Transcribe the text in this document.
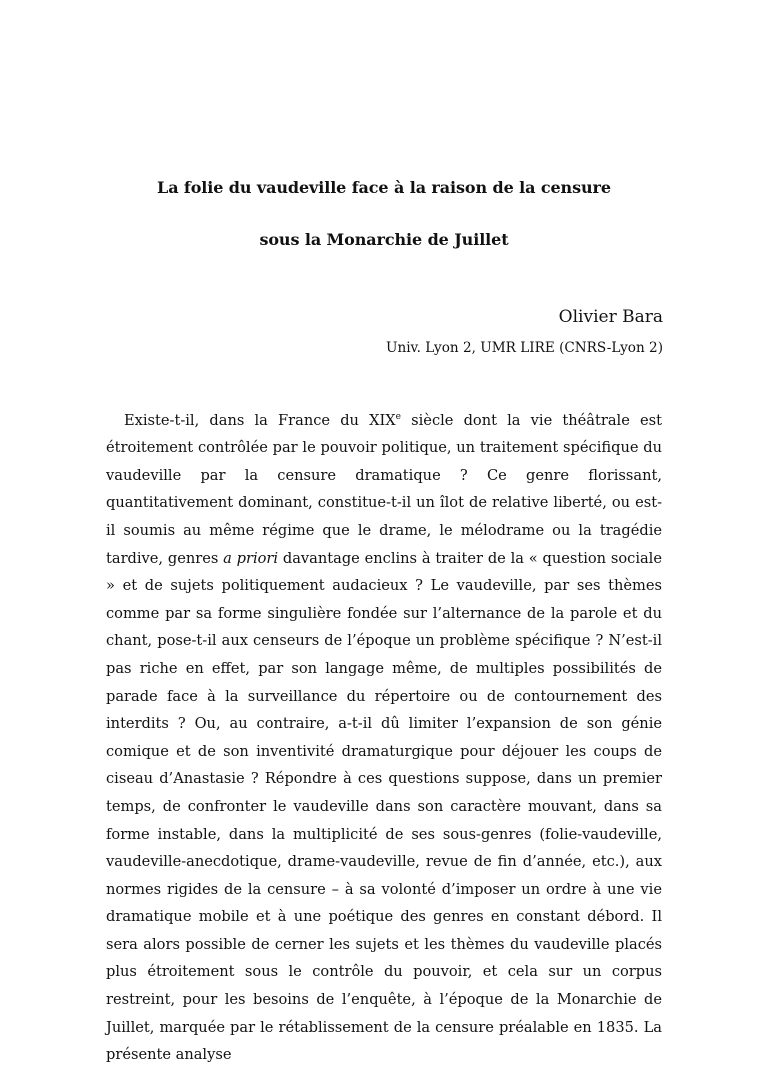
La folie du vaudeville face à la raison de la censure
sous la Monarchie de Juillet
Olivier Bara
Univ. Lyon 2, UMR LIRE (CNRS-Lyon 2)

Existe-t-il, dans la France du XIXe siècle dont la vie théâtrale est étroitement contrôlée par le pouvoir politique, un traitement spécifique du vaudeville par la censure dramatique ? Ce genre florissant, quantitativement dominant, constitue-t-il un îlot de relative liberté, ou est-il soumis au même régime que le drame, le mélodrame ou la tragédie tardive, genres a priori davantage enclins à traiter de la « question sociale » et de sujets politiquement audacieux ? Le vaudeville, par ses thèmes comme par sa forme singulière fondée sur l’alternance de la parole et du chant, pose-t-il aux censeurs de l’époque un problème spécifique ? N’est-il pas riche en effet, par son langage même, de multiples possibilités de parade face à la surveillance du répertoire ou de contournement des interdits ? Ou, au contraire, a-t-il dû limiter l’expansion de son génie comique et de son inventivité dramaturgique pour déjouer les coups de ciseau d’Anastasie ? Répondre à ces questions suppose, dans un premier temps, de confronter le vaudeville dans son caractère mouvant, dans sa forme instable, dans la multiplicité de ses sous-genres (folie-vaudeville, vaudeville-anecdotique, drame-vaudeville, revue de fin d’année, etc.), aux normes rigides de la censure – à sa volonté d’imposer un ordre à une vie dramatique mobile et à une poétique des genres en constant débord. Il sera alors possible de cerner les sujets et les thèmes du vaudeville placés plus étroitement sous le contrôle du pouvoir, et cela sur un corpus restreint, pour les besoins de l’enquête, à l’époque de la Monarchie de Juillet, marquée par le rétablissement de la censure préalable en 1835. La présente analyse
